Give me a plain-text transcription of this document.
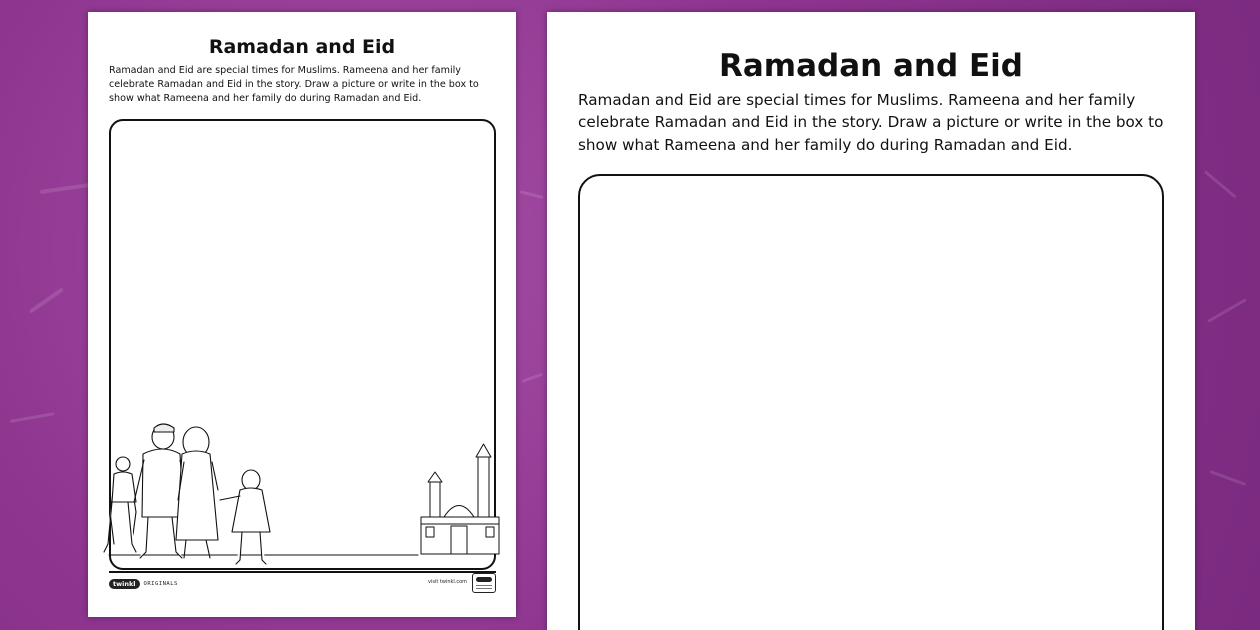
Ramadan and Eid
Ramadan and Eid are special times for Muslims. Rameena and her family celebrate Ramadan and Eid in the story. Draw a picture or write in the box to show what Rameena and her family do during Ramadan and Eid.
twinkl	ORIGINALS	visit twinkl.com
Ramadan and Eid
Ramadan and Eid are special times for Muslims. Rameena and her family celebrate Ramadan and Eid in the story. Draw a picture or write in the box to show what Rameena and her family do during Ramadan and Eid.
